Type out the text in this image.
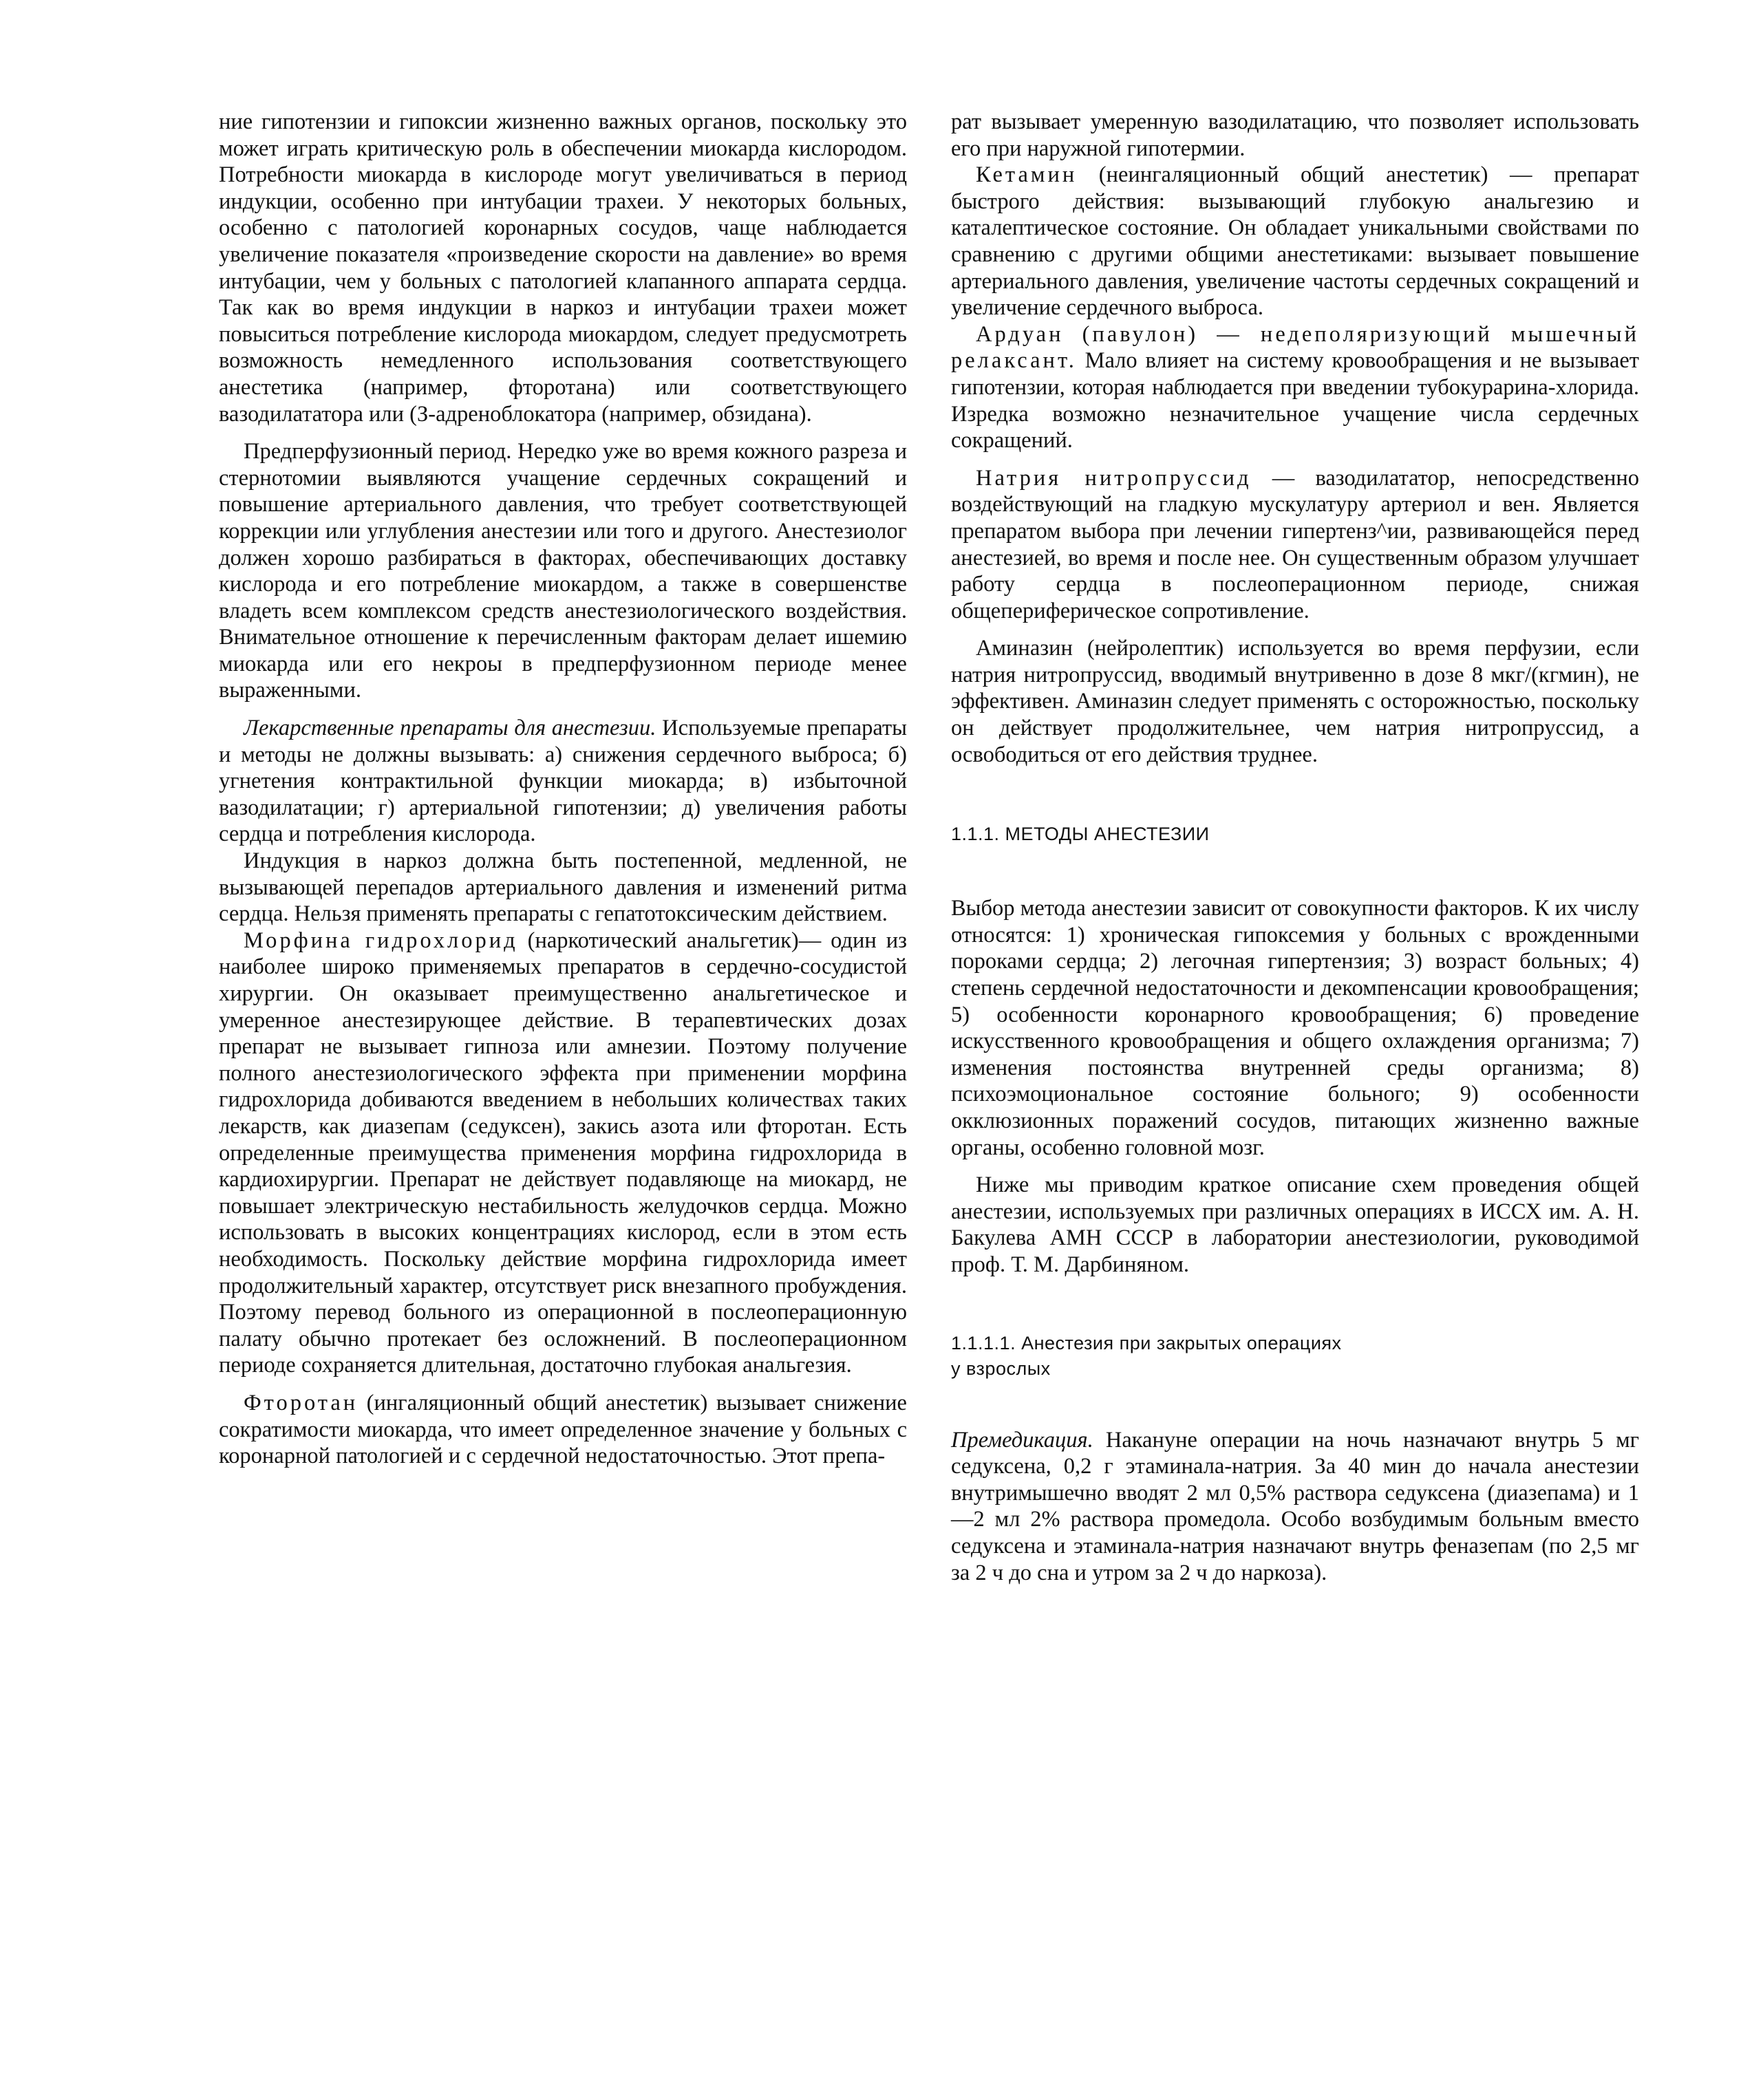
ние гипотензии и гипоксии жизненно важных органов, поскольку это может играть критическую роль в обеспечении миокарда кислородом. Потребности миокарда в кислороде могут увеличиваться в период индукции, особенно при интубации трахеи. У некоторых больных, особенно с патологией коронарных сосудов, чаще наблюдается увеличение показателя «произведение скорости на давление» во время интубации, чем у больных с патологией клапанного аппарата сердца. Так как во время индукции в наркоз и интубации трахеи может повыситься потребление кислорода миокардом, следует предусмотреть возможность немедленного использования соответствующего анестетика (например, фторотана) или соответствующего вазодилататора или (З-адреноблокатора (например, обзидана).

Предперфузионный период. Нередко уже во время кожного разреза и стернотомии выявляются учащение сердечных сокращений и повышение артериального давления, что требует соответствующей коррекции или углубления анестезии или того и другого. Анестезиолог должен хорошо разбираться в факторах, обеспечивающих доставку кислорода и его потребление миокардом, а также в совершенстве владеть всем комплексом средств анестезиологического воздействия. Внимательное отношение к перечисленным факторам делает ишемию миокарда или его некроы в предперфузионном периоде менее выраженными.

Лекарственные препараты для анестезии. Используемые препараты и методы не должны вызывать: а) снижения сердечного выброса; б) угнетения контрактильной функции миокарда; в) избыточной вазодилатации; г) артериальной гипотензии; д) увеличения работы сердца и потребления кислорода.

Индукция в наркоз должна быть постепенной, медленной, не вызывающей перепадов артериального давления и изменений ритма сердца. Нельзя применять препараты с гепатотоксическим действием.

Морфина гидрохлорид (наркотический анальгетик)— один из наиболее широко применяемых препаратов в сердечно-сосудистой хирургии. Он оказывает преимущественно анальгетическое и умеренное анестезирующее действие. В терапевтических дозах препарат не вызывает гипноза или амнезии. Поэтому получение полного анестезиологического эффекта при применении морфина гидрохлорида добиваются введением в небольших количествах таких лекарств, как диазепам (седуксен), закись азота или фторотан. Есть определенные преимущества применения морфина гидрохлорида в кардиохирургии. Препарат не действует подавляюще на миокард, не повышает электрическую нестабильность желудочков сердца. Можно использовать в высоких концентрациях кислород, если в этом есть необходимость. Поскольку действие морфина гидрохлорида имеет продолжительный характер, отсутствует риск внезапного пробуждения. Поэтому перевод больного из операционной в послеоперационную палату обычно протекает без осложнений. В послеоперационном периоде сохраняется длительная, достаточно глубокая анальгезия.

Фторотан (ингаляционный общий анестетик) вызывает снижение сократимости миокарда, что имеет определенное значение у больных с коронарной патологией и с сердечной недостаточностью. Этот препа-

рат вызывает умеренную вазодилатацию, что позволяет использовать его при наружной гипотермии.

Кетамин (неингаляционный общий анестетик) — препарат быстрого действия: вызывающий глубокую анальгезию и каталептическое состояние. Он обладает уникальными свойствами по сравнению с другими общими анестетиками: вызывает повышение артериального давления, увеличение частоты сердечных сокращений и увеличение сердечного выброса.

Ардуан (павулон) — недеполяризующий мышечный релаксант. Мало влияет на систему кровообращения и не вызывает гипотензии, которая наблюдается при введении тубокурарина-хлорида. Изредка возможно незначительное учащение числа сердечных сокращений.

Натрия нитропруссид — вазодилататор, непосредственно воздействующий на гладкую мускулатуру артериол и вен. Является препаратом выбора при лечении гипертенз^ии, развивающейся перед анестезией, во время и после нее. Он существенным образом улучшает работу сердца в послеоперационном периоде, снижая общепериферическое сопротивление.

Аминазин (нейролептик) используется во время перфузии, если натрия нитропруссид, вводимый внутривенно в дозе 8 мкг/(кгмин), не эффективен. Аминазин следует применять с осторожностью, поскольку он действует продолжительнее, чем натрия нитропруссид, а освободиться от его действия труднее.

1.1.1. МЕТОДЫ АНЕСТЕЗИИ

Выбор метода анестезии зависит от совокупности факторов. К их числу относятся: 1) хроническая гипоксемия у больных с врожденными пороками сердца; 2) легочная гипертензия; 3) возраст больных; 4) степень сердечной недостаточности и декомпенсации кровообращения; 5) особенности коронарного кровообращения; 6) проведение искусственного кровообращения и общего охлаждения организма; 7) изменения постоянства внутренней среды организма; 8) психоэмоциональное состояние больного; 9) особенности окклюзионных поражений сосудов, питающих жизненно важные органы, особенно головной мозг.

Ниже мы приводим краткое описание схем проведения общей анестезии, используемых при различных операциях в ИССХ им. А. Н. Бакулева АМН СССР в лаборатории анестезиологии, руководимой проф. Т. М. Дарбиняном.

1.1.1.1. Анестезия при закрытых операциях
у взрослых

Премедикация. Накануне операции на ночь назначают внутрь 5 мг седуксена, 0,2 г этаминала-натрия. За 40 мин до начала анестезии внутримышечно вводят 2 мл 0,5% раствора седуксена (диазепама) и 1—2 мл 2% раствора промедола. Особо возбудимым больным вместо седуксена и этаминала-натрия назначают внутрь феназепам (по 2,5 мг за 2 ч до сна и утром за 2 ч до наркоза).
